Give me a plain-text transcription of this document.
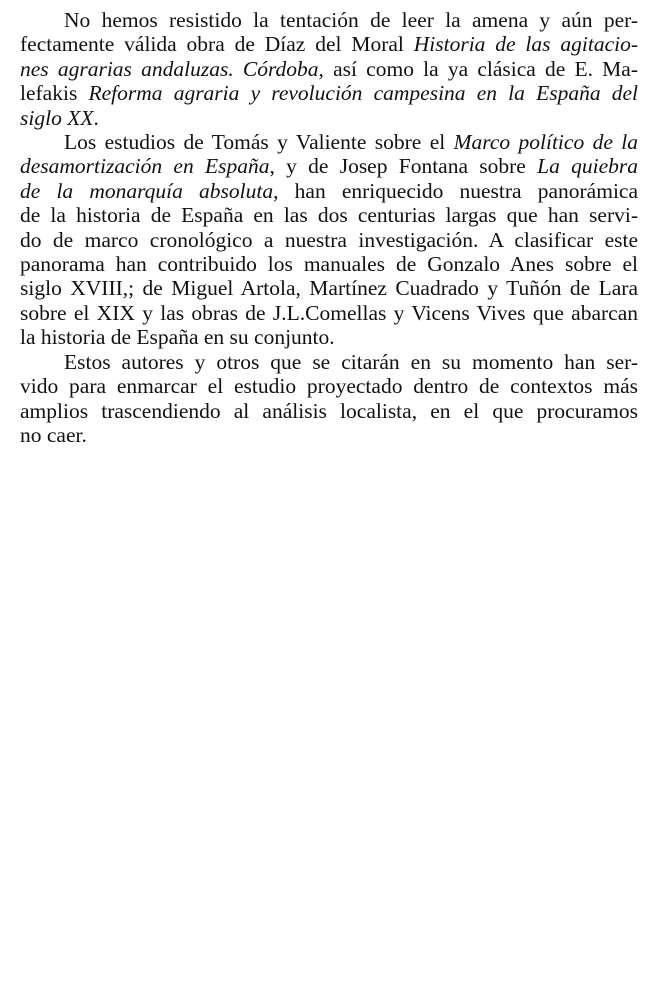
No hemos resistido la tentación de leer la amena y aún per-
fectamente válida obra de Díaz del Moral Historia de las agitacio-
nes agrarias andaluzas. Córdoba, así como la ya clásica de E. Ma-
lefakis Reforma agraria y revolución campesina en la España del
siglo XX.
Los estudios de Tomás y Valiente sobre el Marco político de la
desamortización en España, y de Josep Fontana sobre La quiebra
de la monarquía absoluta, han enriquecido nuestra panorámica
de la historia de España en las dos centurias largas que han servi-
do de marco cronológico a nuestra investigación. A clasificar este
panorama han contribuido los manuales de Gonzalo Anes sobre el
siglo XVIII,; de Miguel Artola, Martínez Cuadrado y Tuñón de Lara
sobre el XIX y las obras de J.L.Comellas y Vicens Vives que abarcan
la historia de España en su conjunto.
Estos autores y otros que se citarán en su momento han ser-
vido para enmarcar el estudio proyectado dentro de contextos más
amplios trascendiendo al análisis localista, en el que procuramos
no caer.
